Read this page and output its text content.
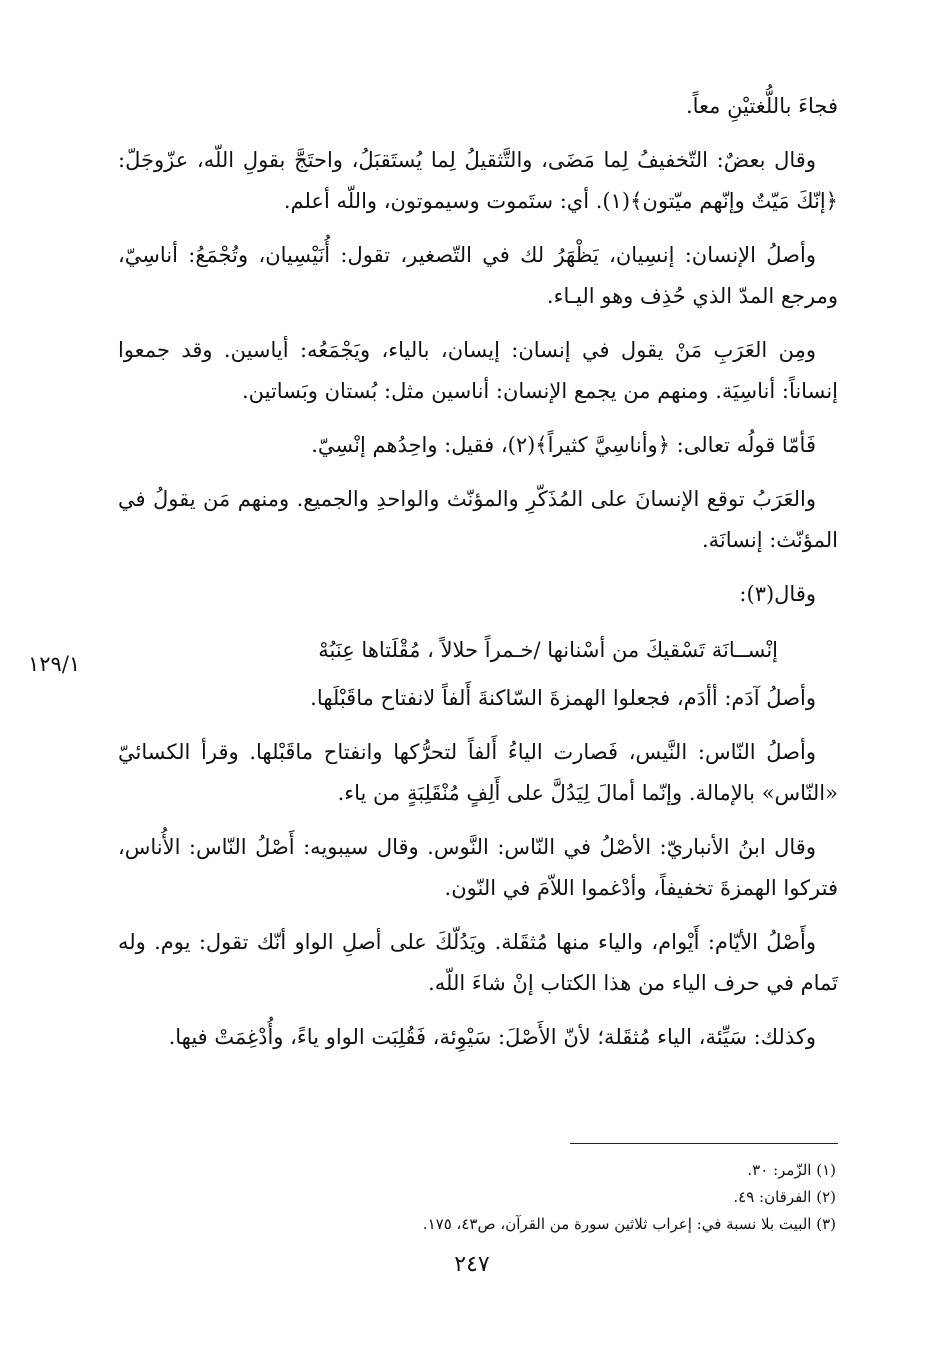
فجاءَ باللُّغتيْنِ معاً.

وقال بعضٌ: التّخفيفُ لِما مَضَى، والتَّثقيلُ لِما يُستَقبَلُ، واحتَجَّ بقولِ اللّه، عزّوجَلّ: ﴿إنّكَ مَيّتٌ وإنّهم ميّتون﴾(١). أي: ستَموت وسيموتون، واللّه أعلم.

وأصلُ الإنسان: إنسِيان، يَظْهَرُ لك في التّصغير، تقول: أُنَيْسِيان، وتُجْمَعُ: أناسِيّ، ومرجع المدّ الذي حُذِف وهو اليـاء.

ومِن العَرَبِ مَنْ يقول في إنسان: إيسان، بالياء، ويَجْمَعُه: أياسين. وقد جمعوا إنساناً: أناسِيَة. ومنهم من يجمع الإنسان: أناسين مثل: بُستان وبَساتين.

فَأمّا قولُه تعالى: ﴿وأناسِيَّ كثيراً﴾(٢)، فقيل: واحِدُهم إنْسِيّ.

والعَرَبُ توقع الإنسانَ على المُذَكّرِ والمؤنّث والواحدِ والجميع. ومنهم مَن يقولُ في المؤنّث: إنسانَة.

وقال(٣):

إنْســانَة تَسْقيكَ من أسْنانها /خـمراً حلالاً ، مُقْلَتاها عِنَبُهْ

وأصلُ آدَم: أأدَم، فجعلوا الهمزةَ السّاكنةَ أَلفاً لانفتاح ماقَبْلَها.

وأصلُ النّاس: النَّيس، فَصارت الياءُ أَلفاً لتحرُّكها وانفتاح ماقَبْلها. وقرأ الكسائيّ «النّاس» بالإمالة. وإنّما أمالَ لِيَدُلَّ على أَلِفٍ مُنْقَلِبَةٍ من ياء.

وقال ابنُ الأنباريّ: الأصْلُ في النّاس: النَّوس. وقال سيبويه: أَصْلُ النّاس: الأُناس، فتركوا الهمزةَ تخفيفاً، وأدْغموا اللاّمَ في النّون.

وأَصْلُ الأيّام: أَيْوام، والياء منها مُثقَلة. ويَدُلّكَ على أصلِ الواو أنّك تقول: يوم. وله تَمام في حرف الياء من هذا الكتاب إنْ شاءَ اللّه.

وكذلك: سَيِّئة، الياء مُثقَلة؛ لأنّ الأَصْلَ: سَيْوِئة، فَقُلِبَت الواو ياءً، وأُدْغِمَتْ فيها.

١٢٩/١
(١) الزّمر: ٣٠.
(٢) الفرقان: ٤٩.
(٣) البيت بلا نسبة في: إعراب ثلاثين سورة من القرآن، ص٤٣، ١٧٥.
٢٤٧
